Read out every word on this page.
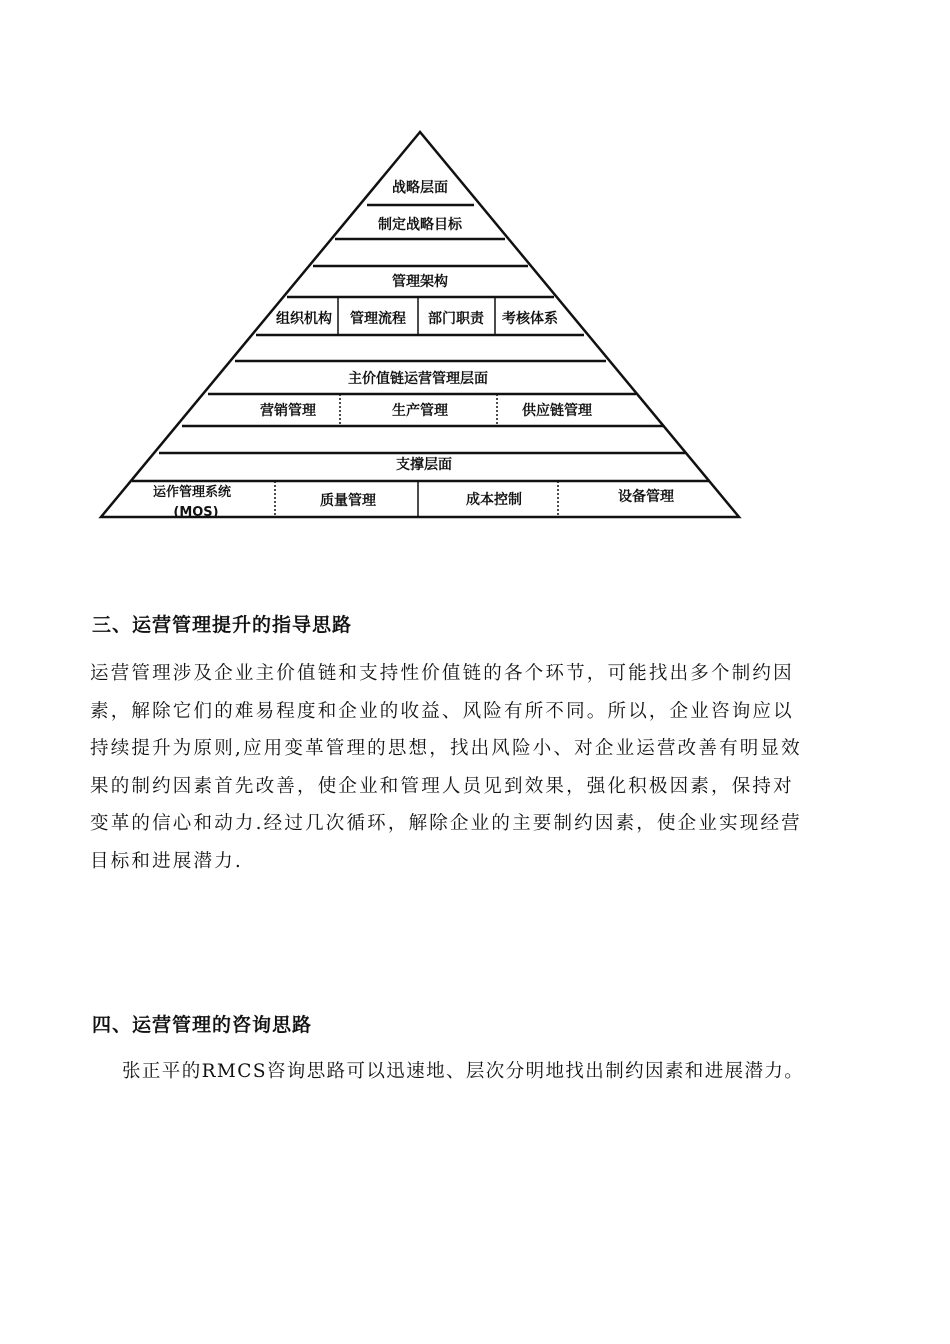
战略层面
制定战略目标
管理架构
组织机构 管理流程 部门职责 考核体系
主价值链运营管理层面
营销管理	生产管理	供应链管理
支撑层面
运作管理系统
(MOS)
质量管理	成本控制	设备管理
三、运营管理提升的指导思路
运营管理涉及企业主价值链和支持性价值链的各个环节，可能找出多个制约因
素，解除它们的难易程度和企业的收益、风险有所不同。所以，企业咨询应以
持续提升为原则,应用变革管理的思想，找出风险小、对企业运营改善有明显效
果的制约因素首先改善，使企业和管理人员见到效果，强化积极因素，保持对
变革的信心和动力.经过几次循环，解除企业的主要制约因素，使企业实现经营
目标和进展潜力.
四、运营管理的咨询思路
张正平的RMCS咨询思路可以迅速地、层次分明地找出制约因素和进展潜力。
